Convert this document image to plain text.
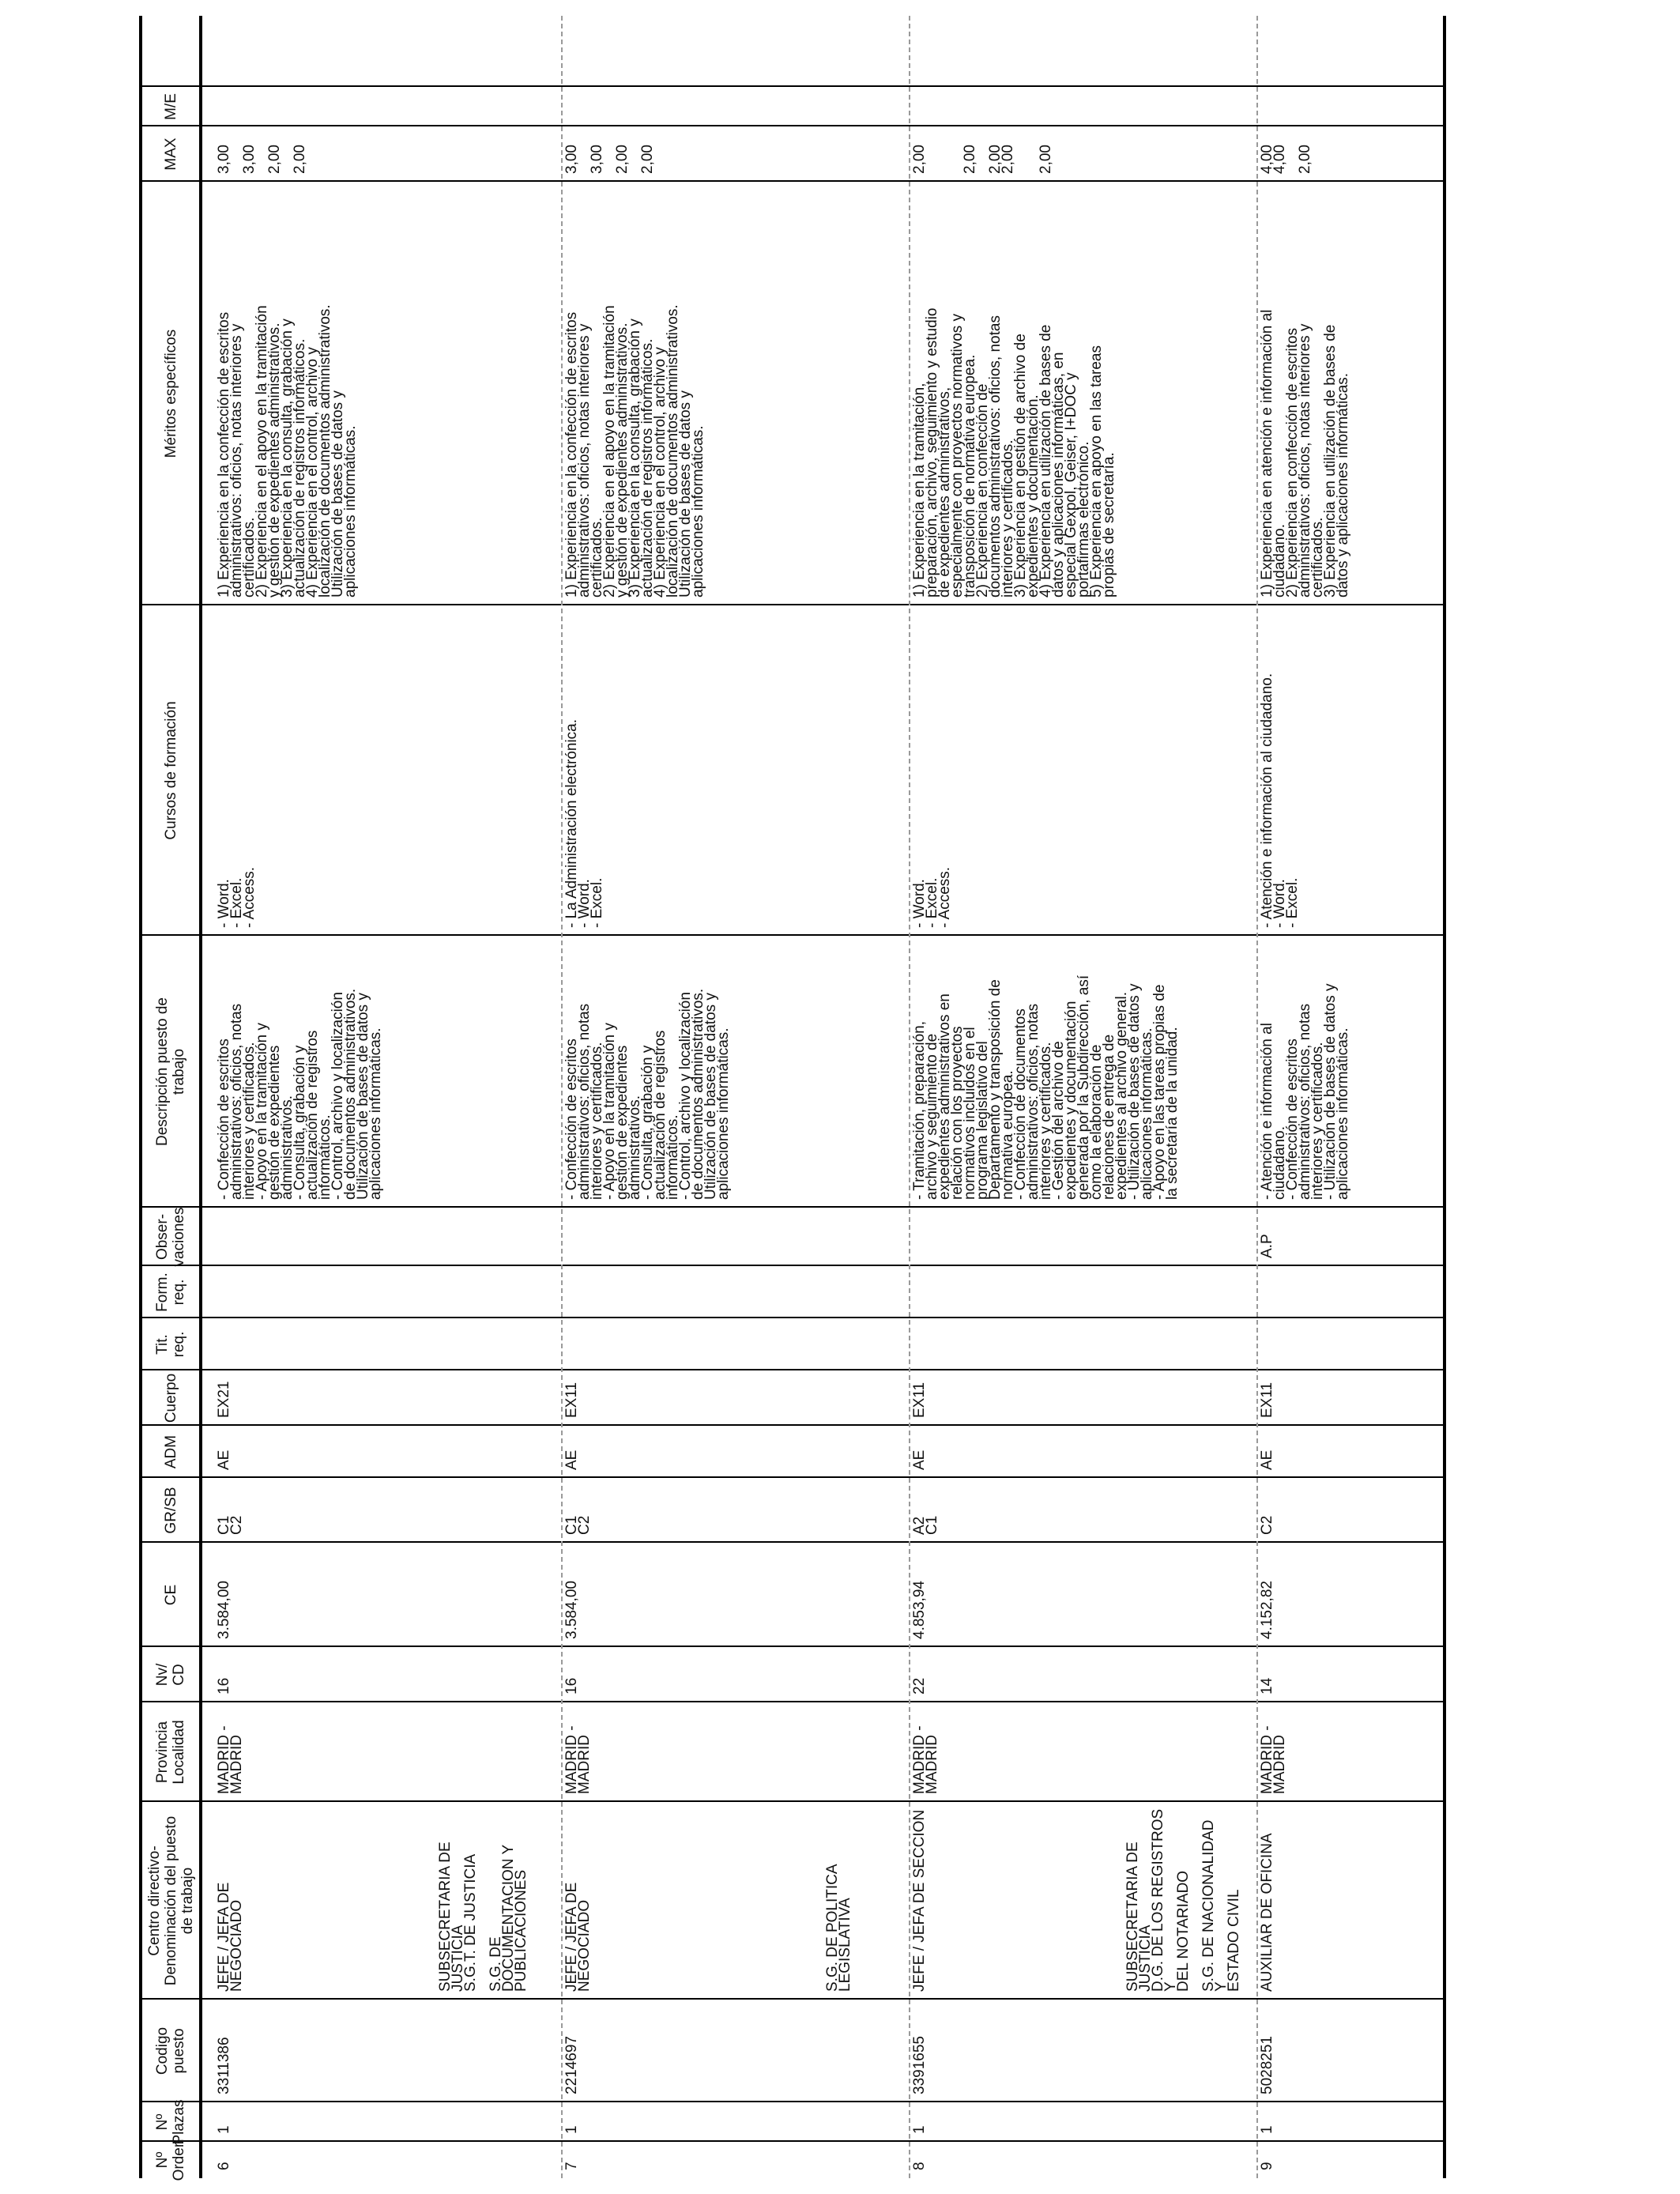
Nº
Orden
Nº
Plazas
Codigo
puesto
Centro directivo-
Denominación del puesto
de trabajo
Provincia
Localidad
Nv/
CD
CE
GR/SB
ADM
Cuerpo
Tit.
req.
Form.
req.
Obser-
vaciones
Descripción puesto de
trabajo
Cursos de formación
Méritos específicos
MAX
M/E
6
1
3311386
JEFE / JEFA DE NEGOCIADO
MADRID -
MADRID
16
3.584,00
C1
C2
AE
EX21
- Confección de escritos
administrativos: oficios, notas
interiores y certificados.
- Apoyo en la tramitación y
gestión de expedientes
administrativos.
- Consulta, grabación y
actualización de registros
informáticos.
- Control, archivo y localización
de documentos administrativos.
Utilización de bases de datos y
aplicaciones informáticas.
- Word.
- Excel.
- Access.
1) Experiencia en la confección de escritos
administrativos: oficios, notas interiores y
certificados.
2) Experiencia en el apoyo en la tramitación
y gestión de expedientes administrativos.
3) Experiencia en la consulta, grabación y
actualización de registros informáticos.
4) Experiencia en el control, archivo y
localización de documentos administrativos.
Utilización de bases de datos y
aplicaciones informáticas.
3,00

3,00

2,00

2,00
7
1
2214697
JEFE / JEFA DE NEGOCIADO
MADRID -
MADRID
16
3.584,00
C1
C2
AE
EX11
- Confección de escritos
administrativos: oficios, notas
interiores y certificados.
- Apoyo en la tramitación y
gestión de expedientes
administrativos.
- Consulta, grabación y
actualización de registros
informáticos.
- Control, archivo y localización
de documentos administrativos.
Utilización de bases de datos y
aplicaciones informáticas.
- La Administración electrónica.
- Word.
- Excel.
1) Experiencia en la confección de escritos
administrativos: oficios, notas interiores y
certificados.
2) Experiencia en el apoyo en la tramitación
y gestión de expedientes administrativos.
3) Experiencia en la consulta, grabación y
actualización de registros informáticos.
4) Experiencia en el control, archivo y
localización de documentos administrativos.
Utilización de bases de datos y
aplicaciones informáticas.
3,00

3,00

2,00

2,00
SUBSECRETARIA DE
JUSTICIA
S.G.T. DE JUSTICIA

S.G. DE DOCUMENTACION Y
PUBLICACIONES
8
1
3391655
JEFE / JEFA DE SECCION
MADRID -
MADRID
22
4.853,94
A2
C1
AE
EX11
- Tramitación, preparación,
archivo y seguimiento de
expedientes administrativos en
relación con los proyectos
normativos incluidos en el
programa legislativo del
Departamento y transposición de
normativa europea.
- Confección de documentos
administrativos: oficios, notas
interiores y certificados.
- Gestión del archivo de
expedientes y documentación
generada por la Subdirección, así
como la elaboración de
relaciones de entrega de
expedientes al archivo general.
- Utilización de bases de datos y
aplicaciones informáticas.
- Apoyo en las tareas propias de
la secretaría de la unidad.
- Word.
- Excel.
- Access.
1) Experiencia en la tramitación,
preparación, archivo, seguimiento y estudio
de expedientes administrativos,
especialmente con proyectos normativos y
transposición de normativa europea.
2) Experiencia en confección de
documentos administrativos: oficios, notas
interiores y certificados.
3) Experiencia en gestión de archivo de
expedientes y documentación.
4) Experiencia en utilización de bases de
datos y aplicaciones informáticas, en
especial Gexpol, Geiser, I+DOC y
portafirmas electrónico.
5) Experiencia en apoyo en las tareas
propias de secretaría.
2,00

2,00

2,00
2,00

2,00
S.G. DE POLITICA
LEGISLATIVA
9
1
5028251
AUXILIAR DE OFICINA
MADRID -
MADRID
14
4.152,82
C2
AE
EX11
A.P
- Atención e información al
ciudadano.
- Confección de escritos
administrativos: oficios, notas
interiores y certificados.
- Utilización de bases de datos y
aplicaciones informáticas.
- Atención e información al ciudadano.
- Word.
- Excel.
1) Experiencia en atención e información al
ciudadano.
2) Experiencia en confección de escritos
administrativos: oficios, notas interiores y
certificados.
3) Experiencia en utilización de bases de
datos y aplicaciones informáticas.
4,00
4,00

2,00
SUBSECRETARIA DE
JUSTICIA
D.G. DE LOS REGISTROS Y
DEL NOTARIADO

S.G. DE NACIONALIDAD Y
ESTADO CIVIL
